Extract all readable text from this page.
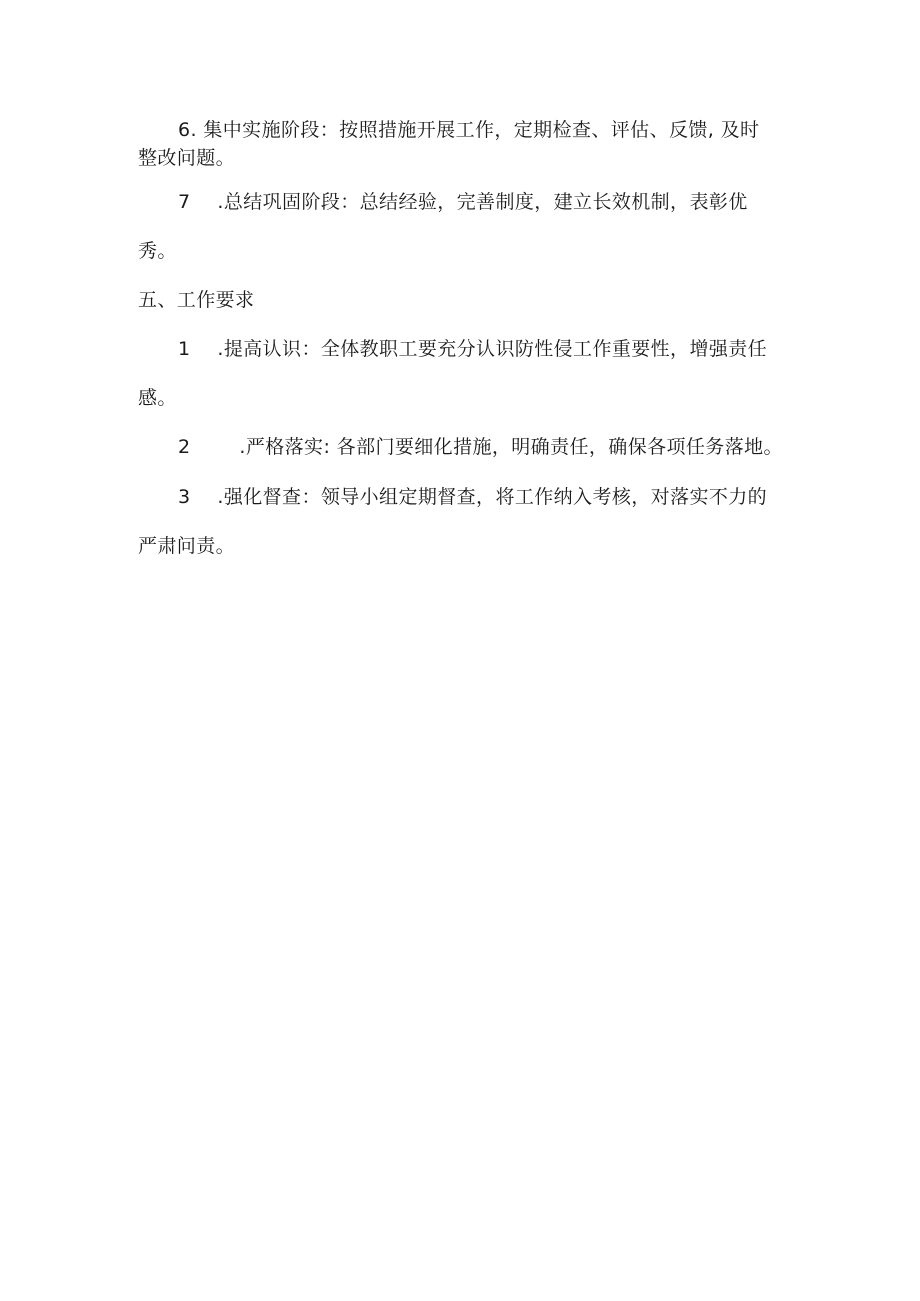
6. 集中实施阶段：按照措施开展工作，定期检查、评估、反馈, 及时
整改问题。
7 .总结巩固阶段：总结经验，完善制度，建立长效机制，表彰优
秀。
五、工作要求
1 .提高认识：全体教职工要充分认识防性侵工作重要性，增强责任
感。
2	.严格落实: 各部门要细化措施，明确责任，确保各项任务落地。
3 .强化督查：领导小组定期督查，将工作纳入考核，对落实不力的
严肃问责。
